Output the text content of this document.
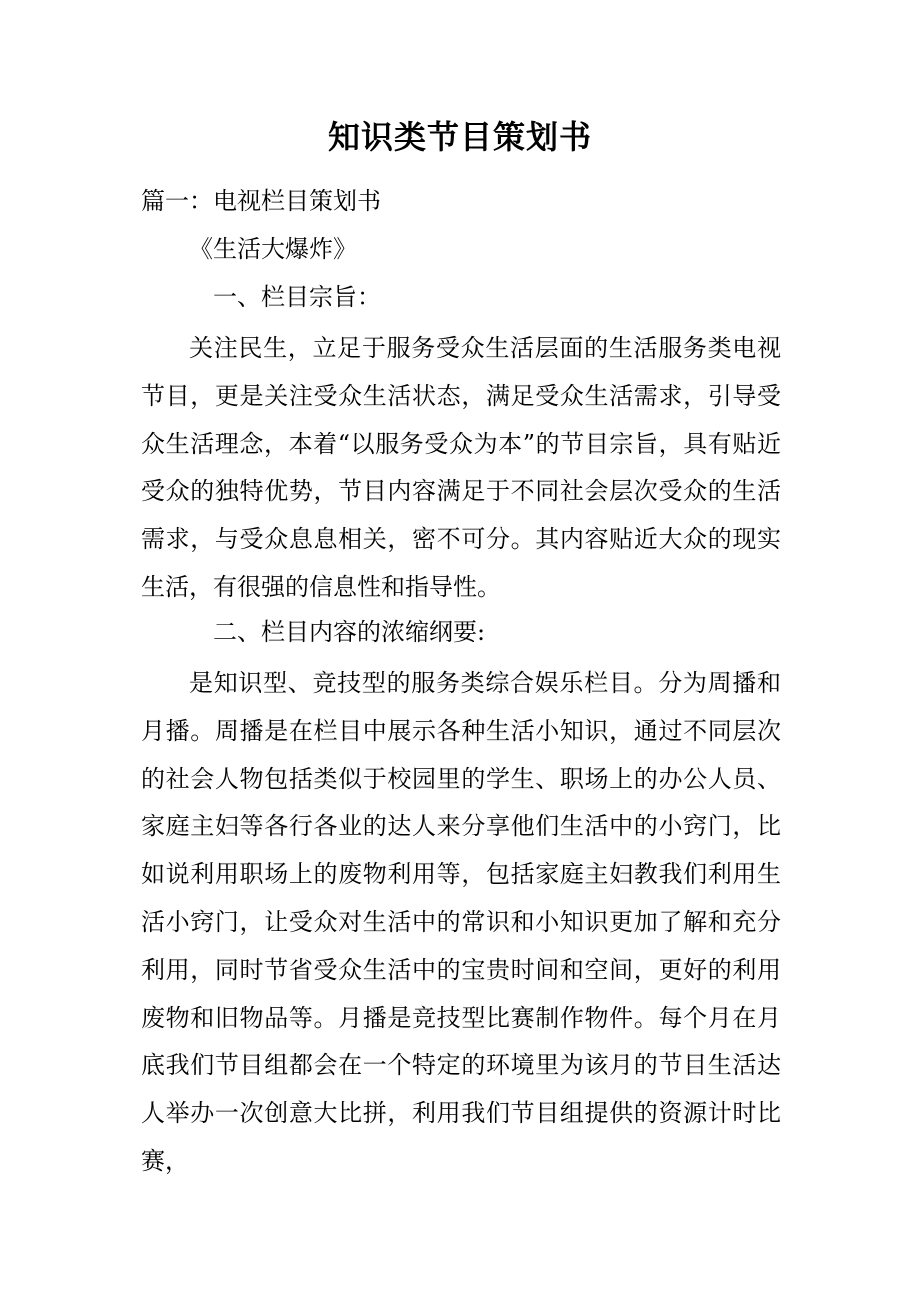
知识类节目策划书

篇一：电视栏目策划书

《生活大爆炸》

一、栏目宗旨：

关注民生，立足于服务受众生活层面的生活服务类电视节目，更是关注受众生活状态，满足受众生活需求，引导受众生活理念，本着“以服务受众为本”的节目宗旨，具有贴近受众的独特优势，节目内容满足于不同社会层次受众的生活需求，与受众息息相关，密不可分。其内容贴近大众的现实生活，有很强的信息性和指导性。

二、栏目内容的浓缩纲要:

是知识型、竞技型的服务类综合娱乐栏目。分为周播和月播。周播是在栏目中展示各种生活小知识，通过不同层次的社会人物包括类似于校园里的学生、职场上的办公人员、家庭主妇等各行各业的达人来分享他们生活中的小窍门，比如说利用职场上的废物利用等，包括家庭主妇教我们利用生活小窍门，让受众对生活中的常识和小知识更加了解和充分利用，同时节省受众生活中的宝贵时间和空间，更好的利用废物和旧物品等。月播是竞技型比赛制作物件。每个月在月底我们节目组都会在一个特定的环境里为该月的节目生活达人举办一次创意大比拼，利用我们节目组提供的资源计时比赛，
